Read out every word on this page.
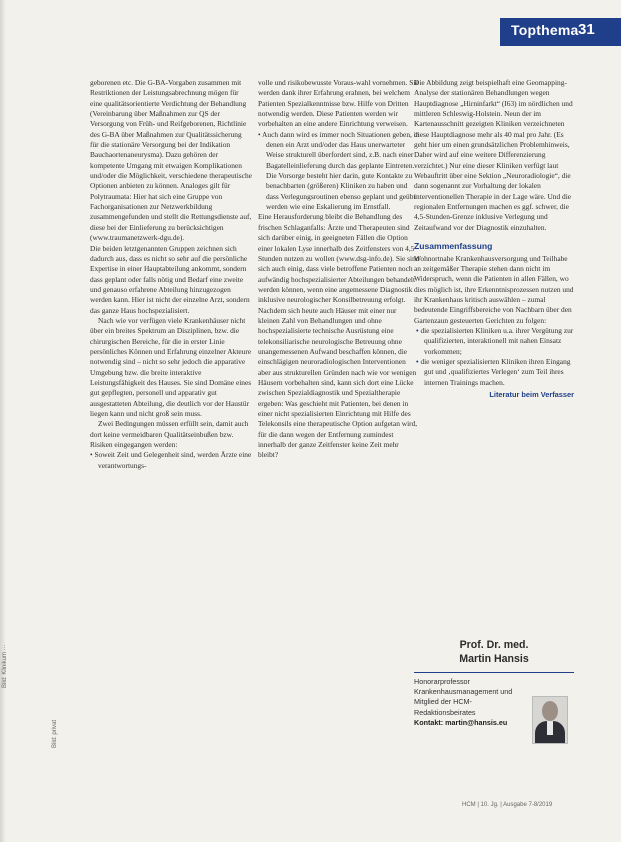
Topthema 31

geborenen etc. Die G-BA-Vorgaben zusammen mit Restriktionen der Leistungsabrechnung mögen für eine qualitätsorientierte Verdichtung der Behandlung (Vereinbarung über Maßnahmen zur QS der Versorgung von Früh- und Reifgeborenen, Richtlinie des G-BA über Maßnahmen zur Qualitätssicherung für die stationäre Versorgung bei der Indikation Bauchaortenaneurysma). Dazu gehören der kompetente Umgang mit etwaigen Komplikationen und/oder die Möglichkeit, verschiedene therapeutische Optionen anbieten zu können. Analoges gilt für Polytraumata: Hier hat sich eine Gruppe von Fachorganisationen zur Netzwerkbildung zusammengefunden und stellt die Rettungsdienste auf, diese bei der Einlieferung zu berücksichtigen (www.traumanetzwerk-dgu.de).

Die beiden letztgenannten Gruppen zeichnen sich dadurch aus, dass es nicht so sehr auf die persönliche Expertise in einer Hauptabteilung ankommt, sondern dass geplant oder falls nötig und Bedarf eine zweite und genauso erfahrene Abteilung hinzugezogen werden kann. Hier ist nicht der einzelne Arzt, sondern das ganze Haus hochspezialisiert.

Nach wie vor verfügen viele Krankenhäuser nicht über ein breites Spektrum an Disziplinen, bzw. die chirurgischen Bereiche, für die in erster Linie persönliches Können und Erfahrung einzelner Akteure notwendig sind – nicht so sehr jedoch die apparative Umgebung bzw. die breite interaktive Leistungsfähigkeit des Hauses. Sie sind Domäne eines gut gepflegten, personell und apparativ gut ausgestatteten Abteilung, die deutlich vor der Haustür liegen kann und nicht groß sein muss.

Zwei Bedingungen müssen erfüllt sein, damit auch dort keine vermeidbaren Qualitätseinbußen bzw. Risiken eingegangen werden:

• Soweit Zeit und Gelegenheit sind, werden Ärzte eine verantwortungs-

volle und risikobewusste Voraus-wahl vornehmen. Sie werden dank ihrer Erfahrung erahnen, bei welchem Patienten Spezialkenntnisse bzw. Hilfe von Dritten notwendig werden. Diese Patienten werden wir vorbehalten an eine andere Einrichtung verweisen.

• Auch dann wird es immer noch Situationen geben, in denen ein Arzt und/oder das Haus unerwarteter Weise strukturell überfordert sind, z.B. nach einer Bagatelleinlieferung durch das geplante Eintreten. Die Vorsorge besteht hier darin, gute Kontakte zu benachbarten (größeren) Kliniken zu haben und dass Verlegungsroutinen ebenso geplant und geübt werden wie eine Eskalierung im Ernstfall.

Eine Herausforderung bleibt die Behandlung des frischen Schlaganfalls: Ärzte und Therapeuten sind sich darüber einig, in geeigneten Fällen die Option einer lokalen Lyse innerhalb des Zeitfensters von 4,5 Stunden nutzen zu wollen (www.dsg-info.de). Sie sind sich auch einig, dass viele betroffene Patienten noch aufwändig hochspezialisierter Abteilungen behandelt werden können, wenn eine angemessene Diagnostik inklusive neurologischer Konsilbetreuung erfolgt. Nachdem sich heute auch Häuser mit einer nur kleinen Zahl von Behandlungen und ohne hochspezialisierte technische Ausrüstung eine telekonsiliarische neurologische Betreuung ohne unangemessenen Aufwand beschaffen können, die einschlägigen neuroradiologischen Interventionen aber aus strukturellen Gründen nach wie vor wenigen Häusern vorbehalten sind, kann sich dort eine Lücke zwischen Spezialdiagnostik und Spezialtherapie ergeben: Was geschieht mit Patienten, bei denen in einer nicht spezialisierten Einrichtung mit Hilfe des Telekonsils eine therapeutische Option aufgetan wird, für die dann wegen der Entfernung zumindest innerhalb der ganze Zeitfenster keine Zeit mehr bleibt?

Die Abbildung zeigt beispielhaft eine Geomapping-Analyse der stationären Behandlungen wegen Hauptdiagnose „Hirninfarkt“ (I63) im nördlichen und mittleren Schleswig-Holstein. Neun der im Kartenausschnitt gezeigten Kliniken verzeichneten diese Hauptdiagnose mehr als 40 mal pro Jahr. (Es geht hier um einen grundsätzlichen Problemhinweis, Daher wird auf eine weitere Differenzierung verzichtet.) Nur eine dieser Kliniken verfügt laut Webauftritt über eine Sektion „Neuroradiologie“, die dann sogenannt zur Vorhaltung der lokalen interventionellen Therapie in der Lage wäre. Und die regionalen Entfernungen machen es ggf. schwer, die 4,5-Stunden-Grenze inklusive Verlegung und Zeitaufwand vor der Diagnostik einzuhalten.

Zusammenfassung

Wohnortnahe Krankenhausversorgung und Teilhabe an zeitgemäßer Therapie stehen dann nicht im Widerspruch, wenn die Patienten in allen Fällen, wo dies möglich ist, ihre Erkenntnisprozessen nutzen und ihr Krankenhaus kritisch auswählen – zumal bedeutende Eingriffsbereiche von Nachbarn über den Gartenzaun gesteuerten Gerichten zu folgen:

• die spezialisierten Kliniken u.a. ihrer Vergütung zur qualifizierten, interaktionell mit nahen Einsatz vorkommen;

• die weniger spezialisierten Kliniken ihren Eingang gut und ‚qualifiziertes Verlegen‘ zum Teil ihres internen Trainings machen.

Literatur beim Verfasser
Prof. Dr. med.
Martin Hansis
Honorarprofessor Krankenhausmanagement und Mitglied der HCM-Redaktionsbeirates
Kontakt: martin@hansis.eu
HCM | 10. Jg. | Ausgabe 7-8/2019
Bild: Klinikum ···
Bild: privat
